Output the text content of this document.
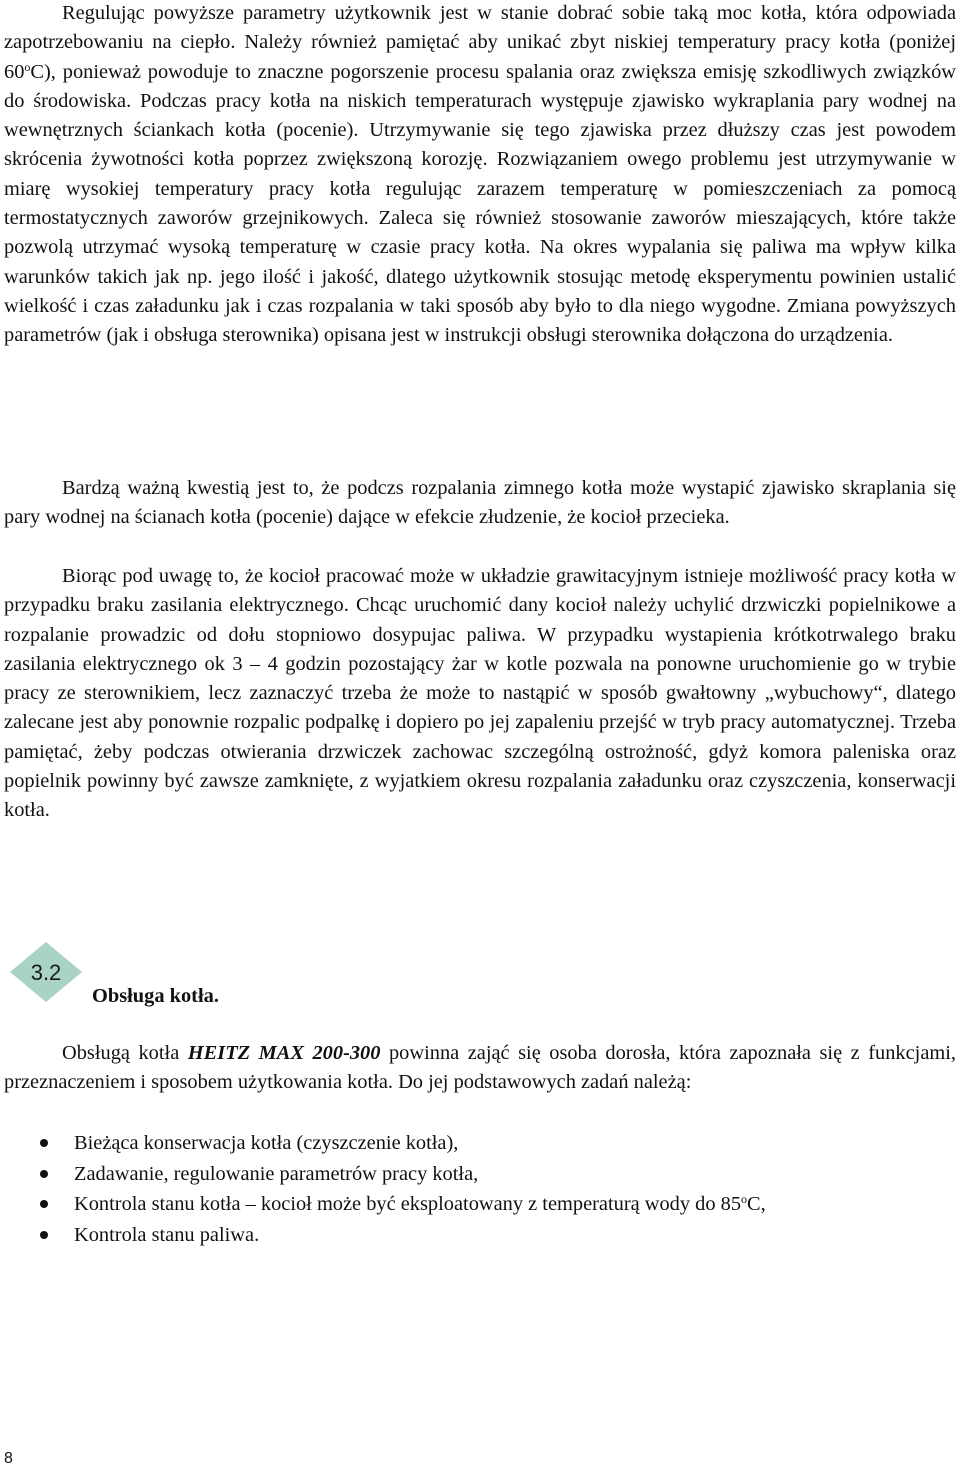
Regulując powyższe parametry użytkownik jest w stanie dobrać sobie taką moc kotła, która odpowiada zapotrzebowaniu na ciepło. Należy również pamiętać aby unikać zbyt niskiej temperatury pracy kotła (poniżej 60$^o$C), ponieważ powoduje to znaczne pogorszenie procesu spalania oraz zwiększa emisję szkodliwych związków do środowiska. Podczas pracy kotła na niskich temperaturach występuje zjawisko wykraplania pary wodnej na wewnętrznych ściankach kotła (pocenie). Utrzymywanie się tego zjawiska przez dłuższy czas jest powodem skrócenia żywotności kotła poprzez zwiększoną korozję. Rozwiązaniem owego problemu jest utrzymywanie w miarę wysokiej temperatury pracy kotła regulując zarazem temperaturę w pomieszczeniach za pomocą termostatycznych zaworów grzejnikowych. Zaleca się również stosowanie zaworów mieszających, które także pozwolą utrzymać wysoką temperaturę w czasie pracy kotła. Na okres wypalania się paliwa ma wpływ kilka warunków takich jak np. jego ilość i jakość, dlatego użytkownik stosując metodę eksperymentu powinien ustalić wielkość i czas załadunku jak i czas rozpalania w taki sposób aby było to dla niego wygodne. Zmiana powyższych parametrów (jak i obsługa sterownika) opisana jest w instrukcji obsługi sterownika dołączona do urządzenia.

Bardzą ważną kwestią jest to, że podczs rozpalania zimnego kotła może wystapić zjawisko skraplania się pary wodnej na ścianach kotła (pocenie) dające w efekcie złudzenie, że kocioł przecieka.

Biorąc pod uwagę to, że kocioł pracować może w układzie grawitacyjnym istnieje możliwość pracy kotła w przypadku braku zasilania elektrycznego. Chcąc uruchomić dany kocioł należy uchylić drzwiczki popielnikowe a rozpalanie prowadzic od dołu stopniowo dosypujac paliwa. W przypadku wystapienia krótkotrwalego braku zasilania elektrycznego ok 3 – 4 godzin pozostający żar w kotle pozwala na ponowne uruchomienie go w trybie pracy ze sterownikiem, lecz zaznaczyć trzeba że może to nastąpić w sposób gwałtowny „wybuchowy“, dlatego zalecane jest aby ponownie rozpalic podpalkę i dopiero po jej zapaleniu przejść w tryb pracy automatycznej. Trzeba pamiętać, żeby podczas otwierania drzwiczek zachowac szczególną ostrożność, gdyż komora paleniska oraz popielnik powinny być zawsze zamknięte, z wyjatkiem okresu rozpalania załadunku oraz czyszczenia, konserwacji kotła.

3.2
Obsługa kotła.

Obsługą kotła HEITZ MAX 200-300 powinna zająć się osoba dorosła, która zapoznała się z funkcjami, przeznaczeniem i sposobem użytkowania kotła. Do jej podstawowych zadań należą:

Bieżąca konserwacja kotła (czyszczenie kotła),
Zadawanie, regulowanie parametrów pracy kotła,
Kontrola stanu kotła – kocioł może być eksploatowany z temperaturą wody do 85$^o$C,
Kontrola stanu paliwa.
8
